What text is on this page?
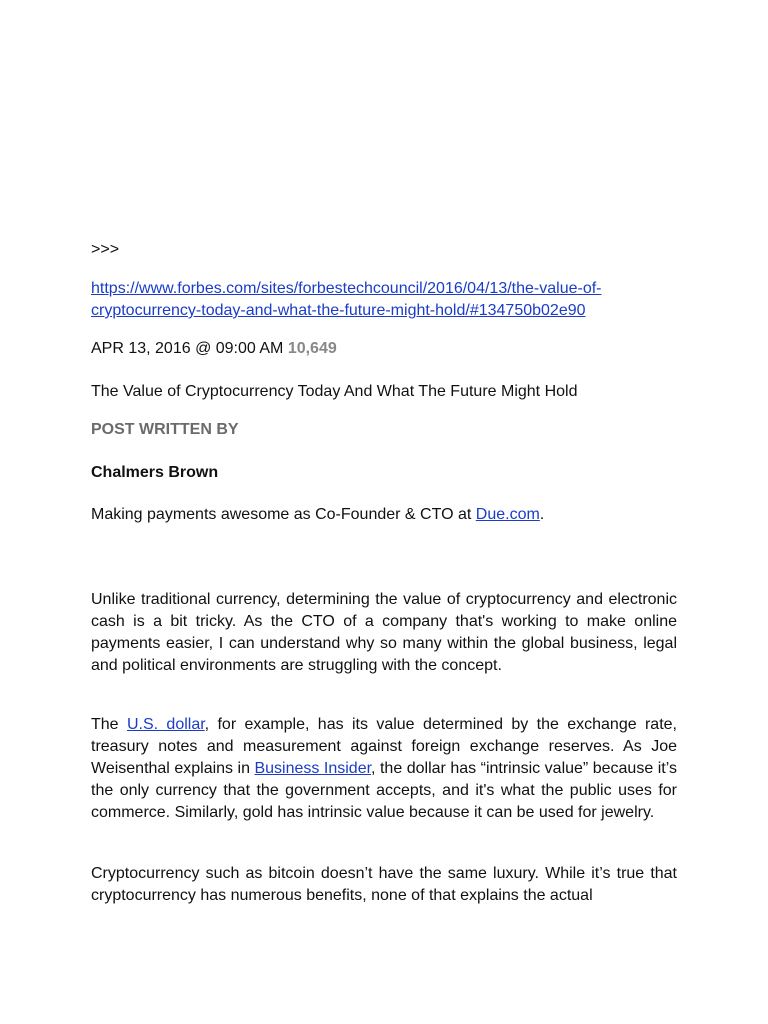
>>>

https://www.forbes.com/sites/forbestechcouncil/2016/04/13/the-value-of-
cryptocurrency-today-and-what-the-future-might-hold/#134750b02e90

APR 13, 2016 @ 09:00 AM 10,649

The Value of Cryptocurrency Today And What The Future Might Hold

POST WRITTEN BY

Chalmers Brown

Making payments awesome as Co-Founder & CTO at Due.com.

Unlike traditional currency, determining the value of cryptocurrency and electronic cash is a bit tricky. As the CTO of a company that's working to make online payments easier, I can understand why so many within the global business, legal and political environments are struggling with the concept.

The U.S. dollar, for example, has its value determined by the exchange rate, treasury notes and measurement against foreign exchange reserves. As Joe Weisenthal explains in Business Insider, the dollar has “intrinsic value” because it’s the only currency that the government accepts, and it's what the public uses for commerce. Similarly, gold has intrinsic value because it can be used for jewelry.

Cryptocurrency such as bitcoin doesn’t have the same luxury. While it’s true that cryptocurrency has numerous benefits, none of that explains the actual
